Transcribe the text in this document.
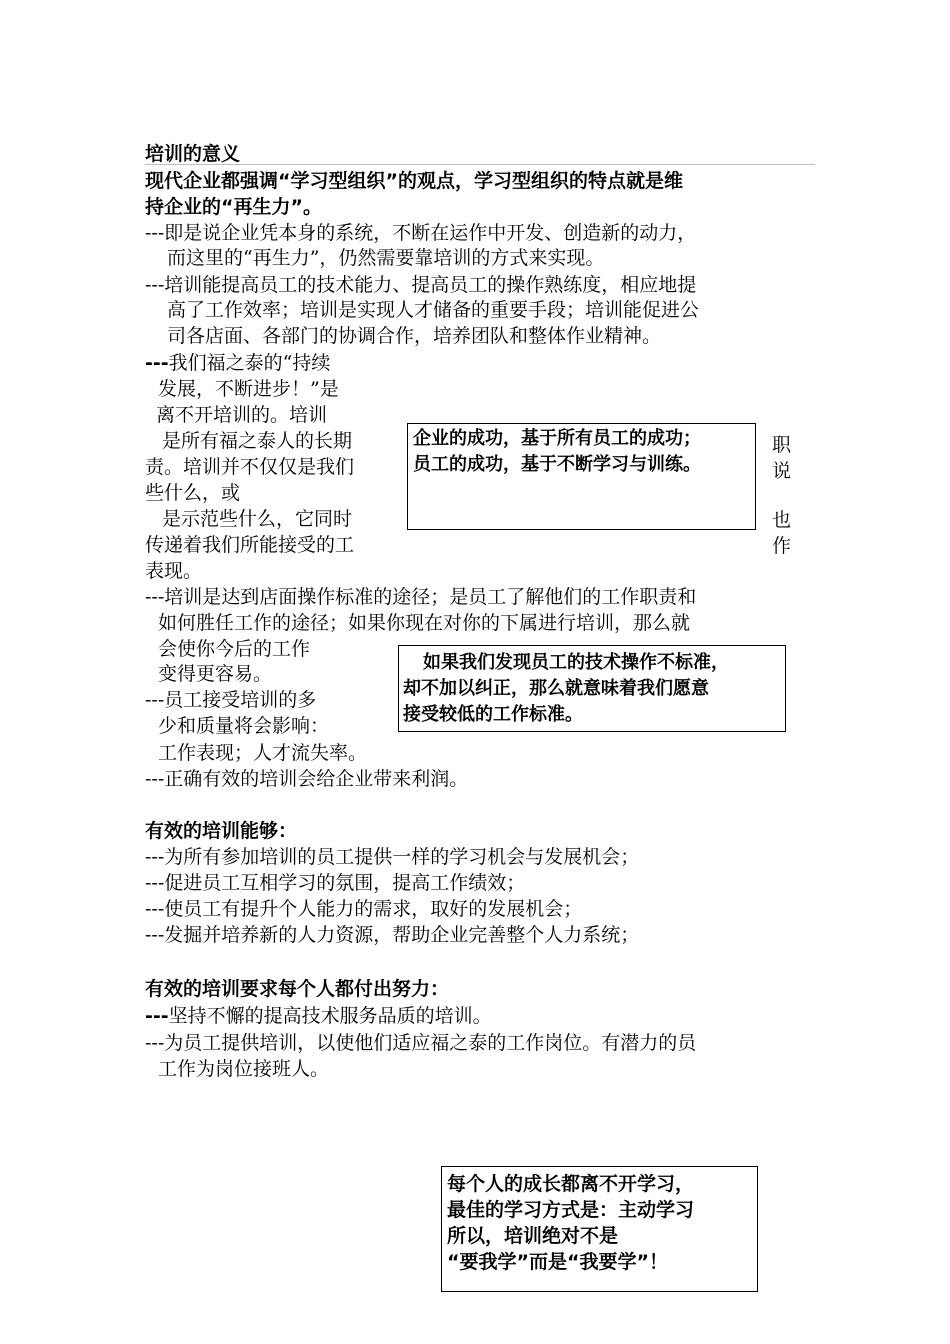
培训的意义
现代企业都强调“学习型组织”的观点，学习型组织的特点就是维
持企业的“再生力”。
---即是说企业凭本身的系统，不断在运作中开发、创造新的动力，
而这里的“再生力”，仍然需要靠培训的方式来实现。
---培训能提高员工的技术能力、提高员工的操作熟练度，相应地提
高了工作效率；培训是实现人才储备的重要手段；培训能促进公
司各店面、各部门的协调合作，培养团队和整体作业精神。
---我们福之泰的“持续
发展，不断进步！”是
离不开培训的。培训
是所有福之泰人的长期
责。培训并不仅仅是我们
些什么，或
是示范些什么，它同时
传递着我们所能接受的工
表现。
职
说
也
作
企业的成功，基于所有员工的成功；
员工的成功，基于不断学习与训练。
---培训是达到店面操作标准的途径；是员工了解他们的工作职责和
如何胜任工作的途径；如果你现在对你的下属进行培训，那么就
会使你今后的工作
变得更容易。
---员工接受培训的多
少和质量将会影响：
工作表现；人才流失率。
---正确有效的培训会给企业带来利润。
如果我们发现员工的技术操作不标准，
却不加以纠正，那么就意味着我们愿意
接受较低的工作标准。
有效的培训能够：
---为所有参加培训的员工提供一样的学习机会与发展机会；
---促进员工互相学习的氛围，提高工作绩效；
---使员工有提升个人能力的需求，取好的发展机会；
---发掘并培养新的人力资源，帮助企业完善整个人力系统；
有效的培训要求每个人都付出努力：
---坚持不懈的提高技术服务品质的培训。
---为员工提供培训，以使他们适应福之泰的工作岗位。有潜力的员
工作为岗位接班人。
每个人的成长都离不开学习，
最佳的学习方式是：主动学习
所以，培训绝对不是
“要我学”而是“我要学”！
